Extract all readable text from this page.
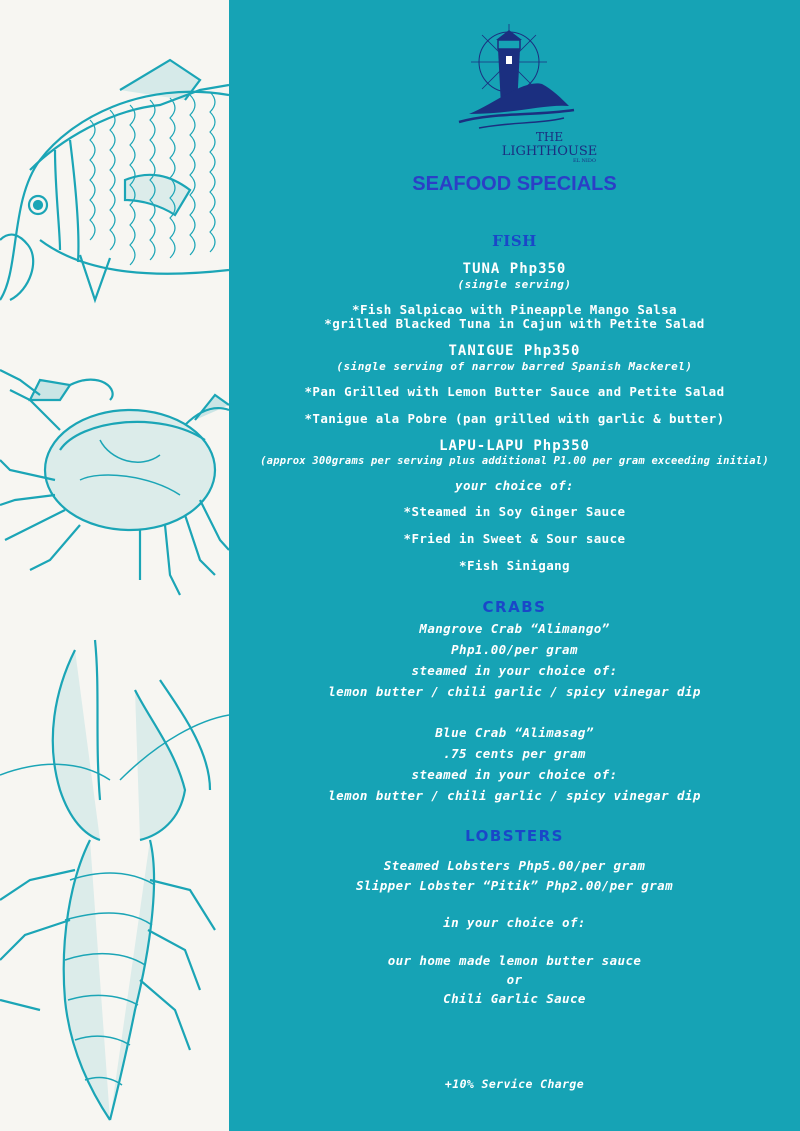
THE
LIGHTHOUSE
EL NIDO
SEAFOOD SPECIALS
FISH
TUNA Php350
(single serving)
*Fish Salpicao with Pineapple Mango Salsa
*grilled Blacked Tuna in Cajun with Petite Salad
TANIGUE Php350
(single serving of narrow barred Spanish Mackerel)
*Pan Grilled with Lemon Butter Sauce and Petite Salad
*Tanigue ala Pobre (pan grilled with garlic & butter)
LAPU-LAPU Php350
(approx 300grams per serving plus additional P1.00 per gram exceeding initial)
your choice of:
*Steamed in Soy Ginger Sauce
*Fried in Sweet & Sour sauce
*Fish Sinigang
CRABS
Mangrove Crab “Alimango”
Php1.00/per gram
steamed in your choice of:
lemon butter / chili garlic / spicy vinegar dip
Blue Crab “Alimasag”
.75 cents per gram
steamed in your choice of:
lemon butter / chili garlic / spicy vinegar dip
LOBSTERS
Steamed Lobsters Php5.00/per gram
Slipper Lobster “Pitik” Php2.00/per gram
in your choice of:
our home made lemon butter sauce
or
Chili Garlic Sauce
+10% Service Charge
